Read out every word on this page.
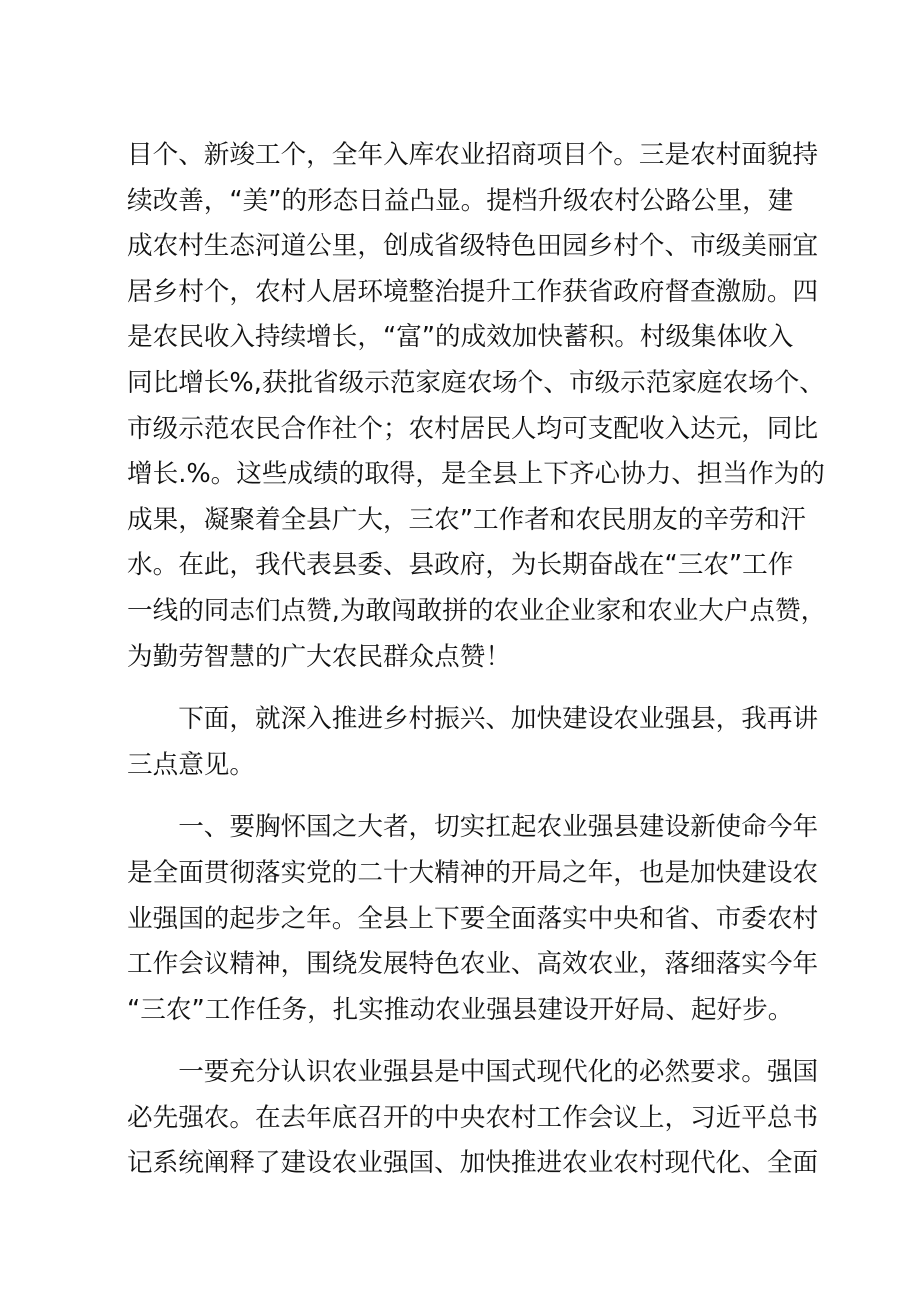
目个、新竣工个，全年入库农业招商项目个。三是农村面貌持
续改善，“美”的形态日益凸显。提档升级农村公路公里，建
成农村生态河道公里，创成省级特色田园乡村个、市级美丽宜
居乡村个，农村人居环境整治提升工作获省政府督查激励。四
是农民收入持续增长，“富”的成效加快蓄积。村级集体收入
同比增长%,获批省级示范家庭农场个、市级示范家庭农场个、
市级示范农民合作社个；农村居民人均可支配收入达元，同比
增长.%。这些成绩的取得，是全县上下齐心协力、担当作为的
成果，凝聚着全县广大，三农”工作者和农民朋友的辛劳和汗
水。在此，我代表县委、县政府，为长期奋战在“三农”工作
一线的同志们点赞,为敢闯敢拼的农业企业家和农业大户点赞，
为勤劳智慧的广大农民群众点赞！
下面，就深入推进乡村振兴、加快建设农业强县，我再讲
三点意见。
一、要胸怀国之大者，切实扛起农业强县建设新使命今年
是全面贯彻落实党的二十大精神的开局之年，也是加快建设农
业强国的起步之年。全县上下要全面落实中央和省、市委农村
工作会议精神，围绕发展特色农业、高效农业，落细落实今年
“三农”工作任务，扎实推动农业强县建设开好局、起好步。
一要充分认识农业强县是中国式现代化的必然要求。强国
必先强农。在去年底召开的中央农村工作会议上，习近平总书
记系统阐释了建设农业强国、加快推进农业农村现代化、全面
